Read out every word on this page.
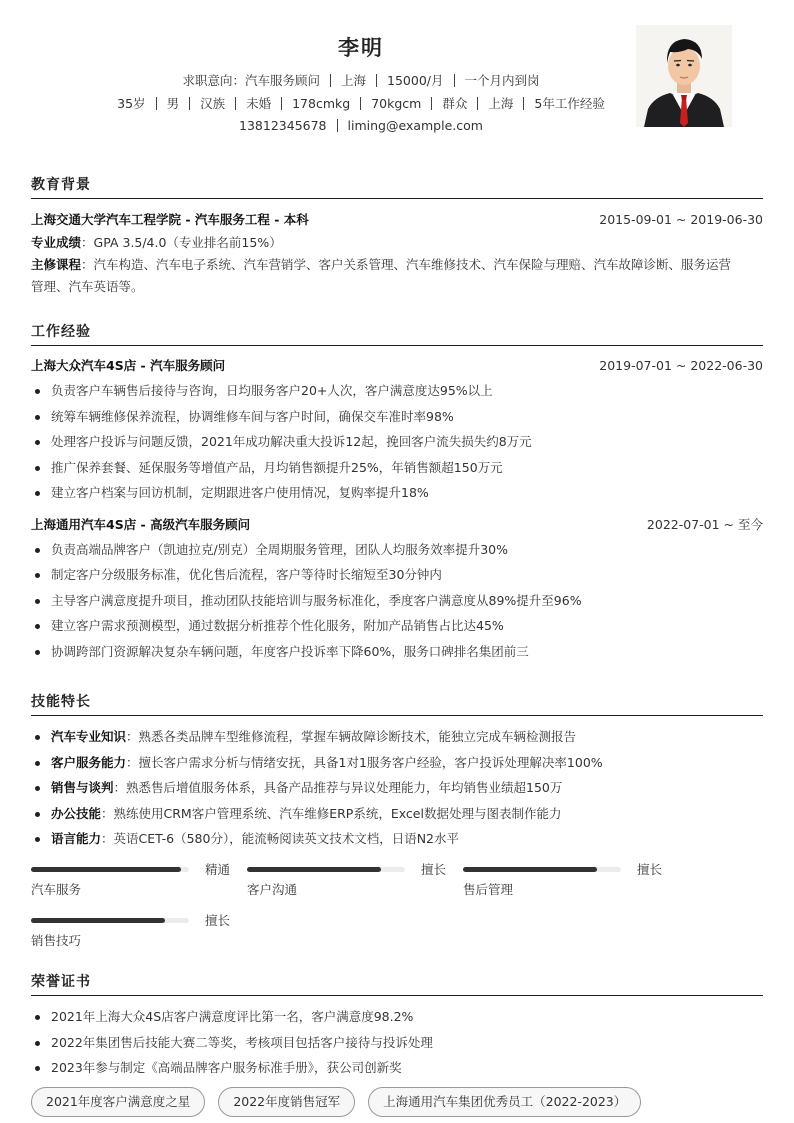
李明
求职意向：汽车服务顾问 上海 15000/月 一个月内到岗
35岁 男 汉族 未婚 178cmkg 70kgcm 群众 上海 5年工作经验
13812345678 liming@example.com
教育背景
上海交通大学汽车工程学院 - 汽车服务工程 - 本科	2015-09-01 ~ 2019-06-30
专业成绩：GPA 3.5/4.0（专业排名前15%）
主修课程：汽车构造、汽车电子系统、汽车营销学、客户关系管理、汽车维修技术、汽车保险与理赔、汽车故障诊断、服务运营
管理、汽车英语等。
工作经验
上海大众汽车4S店 - 汽车服务顾问	2019-07-01 ~ 2022-06-30
负责客户车辆售后接待与咨询，日均服务客户20+人次，客户满意度达95%以上
统筹车辆维修保养流程，协调维修车间与客户时间，确保交车准时率98%
处理客户投诉与问题反馈，2021年成功解决重大投诉12起，挽回客户流失损失约8万元
推广保养套餐、延保服务等增值产品，月均销售额提升25%，年销售额超150万元
建立客户档案与回访机制，定期跟进客户使用情况，复购率提升18%
上海通用汽车4S店 - 高级汽车服务顾问	2022-07-01 ~ 至今
负责高端品牌客户（凯迪拉克/别克）全周期服务管理，团队人均服务效率提升30%
制定客户分级服务标准，优化售后流程，客户等待时长缩短至30分钟内
主导客户满意度提升项目，推动团队技能培训与服务标准化，季度客户满意度从89%提升至96%
建立客户需求预测模型，通过数据分析推荐个性化服务，附加产品销售占比达45%
协调跨部门资源解决复杂车辆问题，年度客户投诉率下降60%，服务口碑排名集团前三
技能特长
汽车专业知识：熟悉各类品牌车型维修流程，掌握车辆故障诊断技术，能独立完成车辆检测报告
客户服务能力：擅长客户需求分析与情绪安抚，具备1对1服务客户经验，客户投诉处理解决率100%
销售与谈判：熟悉售后增值服务体系，具备产品推荐与异议处理能力，年均销售业绩超150万
办公技能：熟练使用CRM客户管理系统、汽车维修ERP系统，Excel数据处理与图表制作能力
语言能力：英语CET-6（580分），能流畅阅读英文技术文档，日语N2水平
精通
汽车服务
擅长
客户沟通
擅长
售后管理
擅长
销售技巧
荣誉证书
2021年上海大众4S店客户满意度评比第一名，客户满意度98.2%
2022年集团售后技能大赛二等奖，考核项目包括客户接待与投诉处理
2023年参与制定《高端品牌客户服务标准手册》，获公司创新奖
2021年度客户满意度之星	2022年度销售冠军	上海通用汽车集团优秀员工（2022-2023）
